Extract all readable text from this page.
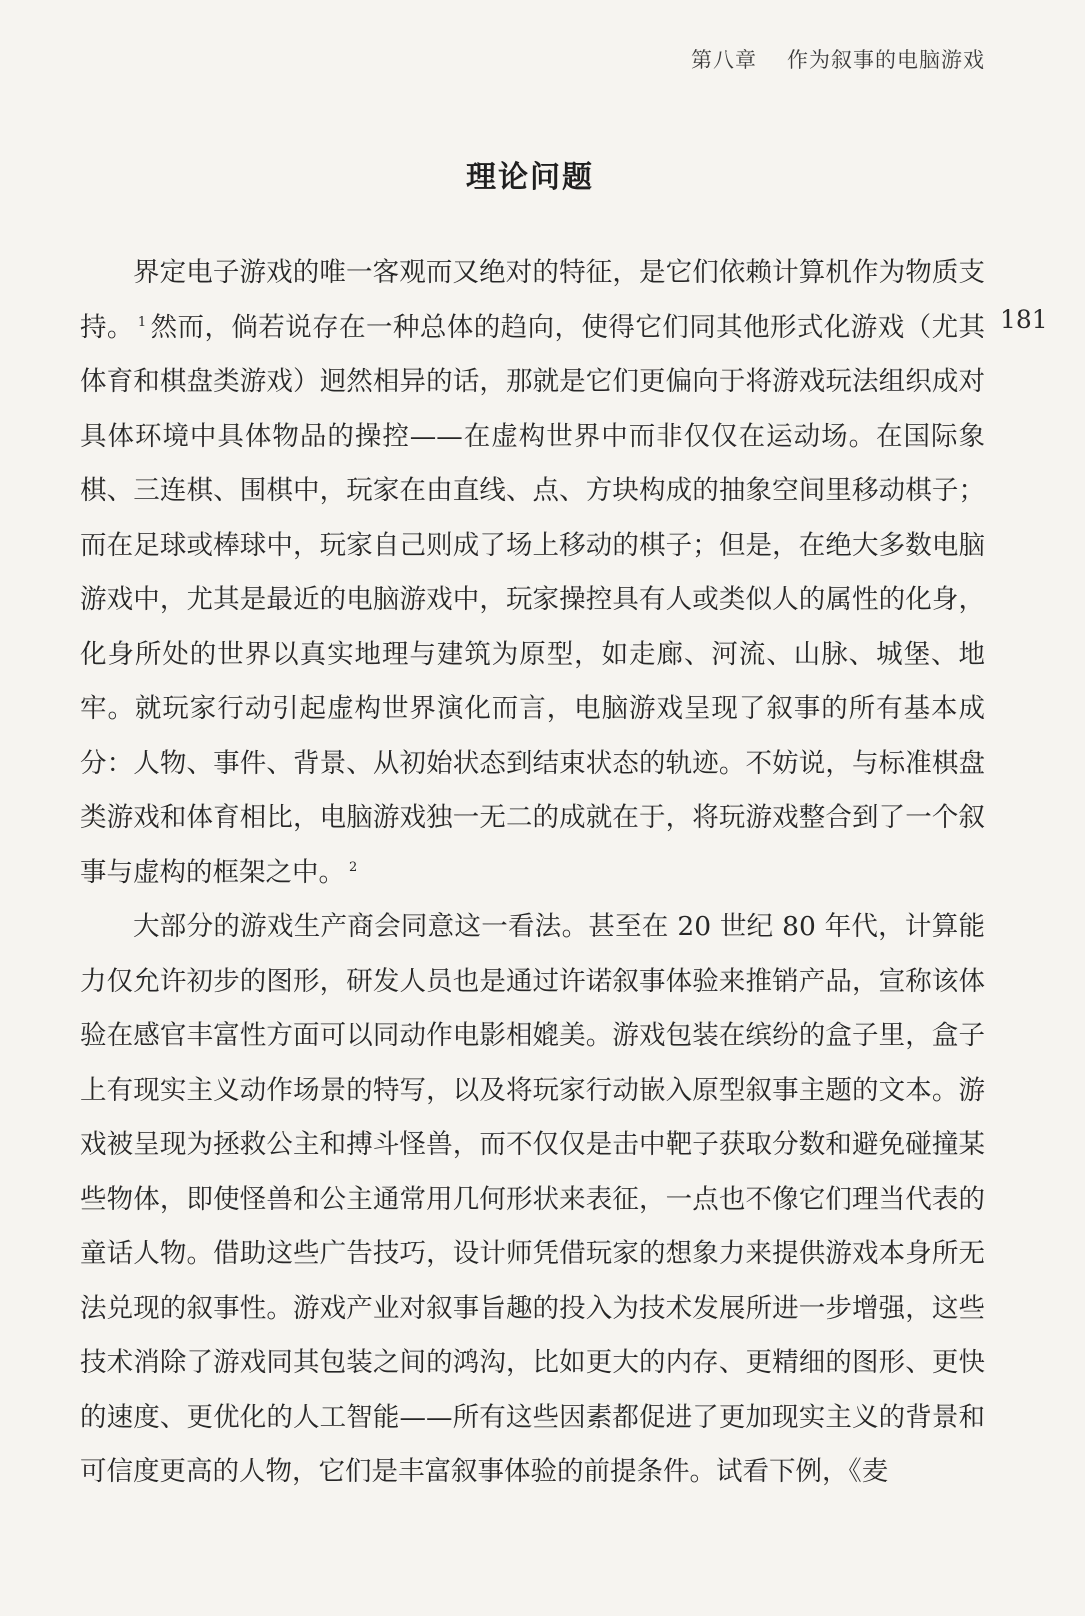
第八章 作为叙事的电脑游戏
理论问题
181

界定电子游戏的唯一客观而又绝对的特征，是它们依赖计算机作为物质支持。 $^1$ 然而，倘若说存在一种总体的趋向，使得它们同其他形式化游戏（尤其体育和棋盘类游戏）迥然相异的话，那就是它们更偏向于将游戏玩法组织成对具体环境中具体物品的操控——在虚构世界中而非仅仅在运动场。在国际象棋、三连棋、围棋中，玩家在由直线、点、方块构成的抽象空间里移动棋子；而在足球或棒球中，玩家自己则成了场上移动的棋子；但是，在绝大多数电脑游戏中，尤其是最近的电脑游戏中，玩家操控具有人或类似人的属性的化身，化身所处的世界以真实地理与建筑为原型，如走廊、河流、山脉、城堡、地牢。就玩家行动引起虚构世界演化而言，电脑游戏呈现了叙事的所有基本成分：人物、事件、背景、从初始状态到结束状态的轨迹。不妨说，与标准棋盘类游戏和体育相比，电脑游戏独一无二的成就在于，将玩游戏整合到了一个叙事与虚构的框架之中。 $^2$

大部分的游戏生产商会同意这一看法。甚至在 20 世纪 80 年代，计算能力仅允许初步的图形，研发人员也是通过许诺叙事体验来推销产品，宣称该体验在感官丰富性方面可以同动作电影相媲美。游戏包装在缤纷的盒子里，盒子上有现实主义动作场景的特写，以及将玩家行动嵌入原型叙事主题的文本。游戏被呈现为拯救公主和搏斗怪兽，而不仅仅是击中靶子获取分数和避免碰撞某些物体，即使怪兽和公主通常用几何形状来表征，一点也不像它们理当代表的童话人物。借助这些广告技巧，设计师凭借玩家的想象力来提供游戏本身所无法兑现的叙事性。游戏产业对叙事旨趣的投入为技术发展所进一步增强，这些技术消除了游戏同其包装之间的鸿沟，比如更大的内存、更精细的图形、更快的速度、更优化的人工智能——所有这些因素都促进了更加现实主义的背景和可信度更高的人物，它们是丰富叙事体验的前提条件。试看下例，《麦
